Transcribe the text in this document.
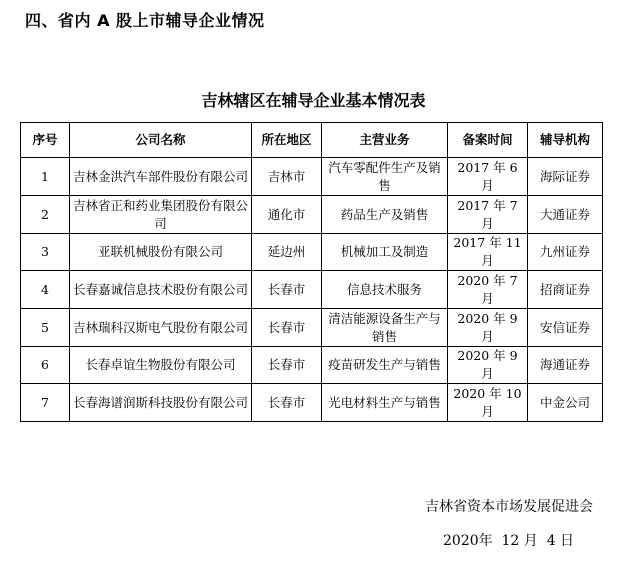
四、省内 A 股上市辅导企业情况
吉林辖区在辅导企业基本情况表
序号	公司名称	所在地区	主营业务	备案时间	辅导机构
1	吉林金洪汽车部件股份有限公司	吉林市	汽车零配件生产及销售	2017 年 6 月	海际证券
2	吉林省正和药业集团股份有限公司	通化市	药品生产及销售	2017 年 7 月	大通证券
3	亚联机械股份有限公司	延边州	机械加工及制造	2017 年 11 月	九州证券
4	长春嘉诚信息技术股份有限公司	长春市	信息技术服务	2020 年 7 月	招商证券
5	吉林瑞科汉斯电气股份有限公司	长春市	清洁能源设备生产与销售	2020 年 9 月	安信证券
6	长春卓谊生物股份有限公司	长春市	疫苗研发生产与销售	2020 年 9 月	海通证券
7	长春海谱润斯科技股份有限公司	长春市	光电材料生产与销售	2020 年 10 月	中金公司
吉林省资本市场发展促进会
2020年  12 月  4 日
